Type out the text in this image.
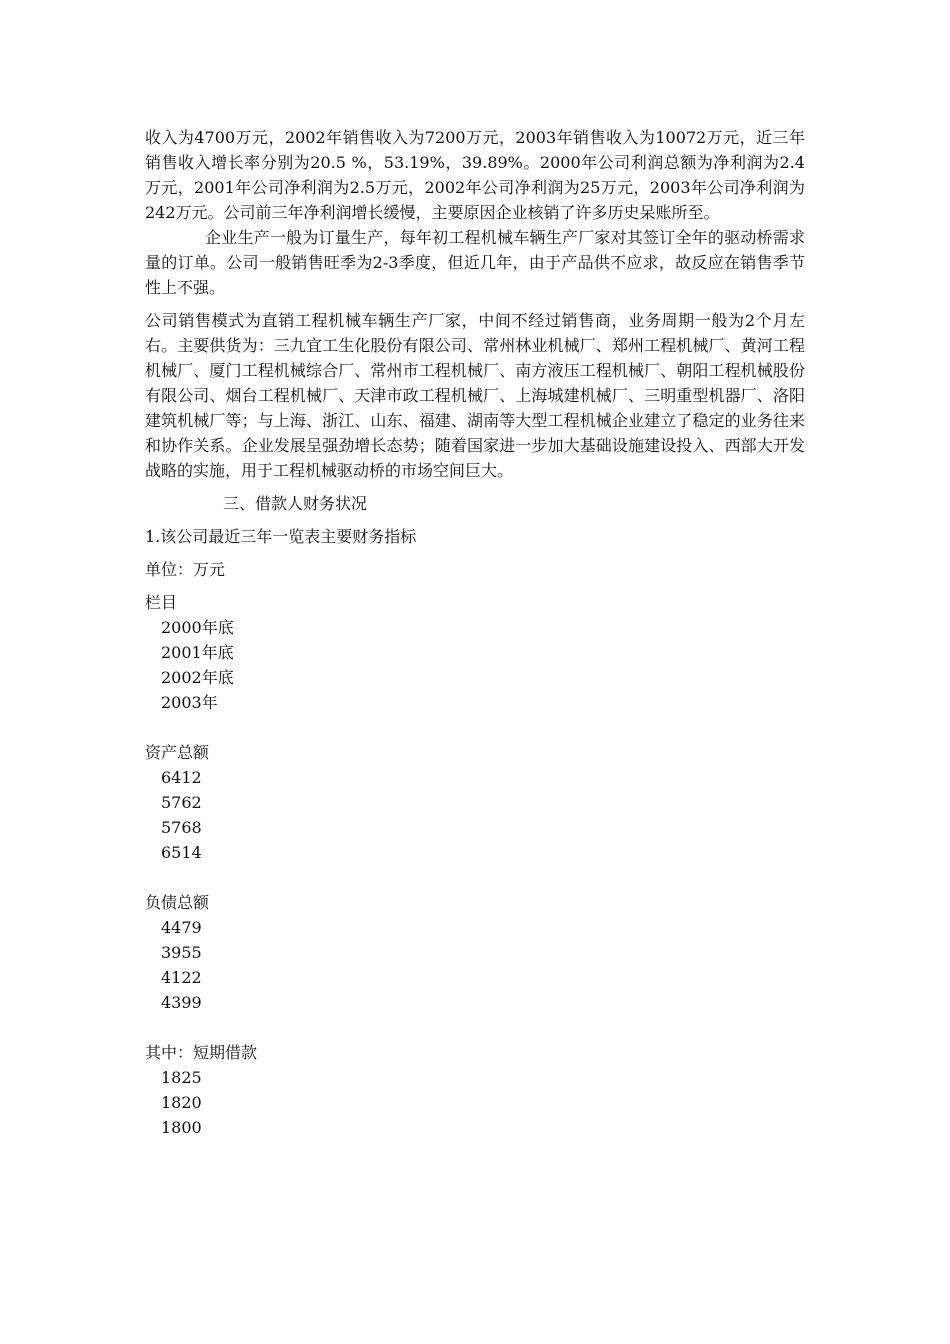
收入为4700万元，2002年销售收入为7200万元，2003年销售收入为10072万元，近三年销售收入增长率分别为20.5 %，53.19%，39.89%。2000年公司利润总额为净利润为2.4万元，2001年公司净利润为2.5万元，2002年公司净利润为25万元，2003年公司净利润为242万元。公司前三年净利润增长缓慢，主要原因企业核销了许多历史呆账所至。

企业生产一般为订量生产，每年初工程机械车辆生产厂家对其签订全年的驱动桥需求量的订单。公司一般销售旺季为2-3季度，但近几年，由于产品供不应求，故反应在销售季节性上不强。

公司销售模式为直销工程机械车辆生产厂家，中间不经过销售商，业务周期一般为2个月左右。主要供货为：三九宜工生化股份有限公司、常州林业机械厂、郑州工程机械厂、黄河工程机械厂、厦门工程机械综合厂、常州市工程机械厂、南方液压工程机械厂、朝阳工程机械股份有限公司、烟台工程机械厂、天津市政工程机械厂、上海城建机械厂、三明重型机器厂、洛阳建筑机械厂等；与上海、浙江、山东、福建、湖南等大型工程机械企业建立了稳定的业务往来和协作关系。企业发展呈强劲增长态势；随着国家进一步加大基础设施建设投入、西部大开发战略的实施，用于工程机械驱动桥的市场空间巨大。

三、借款人财务状况
1.该公司最近三年一览表主要财务指标
单位：万元
栏目
2000年底
2001年底
2002年底
2003年
资产总额
6412
5762
5768
6514
负债总额
4479
3955
4122
4399
其中：短期借款
1825
1820
1800
